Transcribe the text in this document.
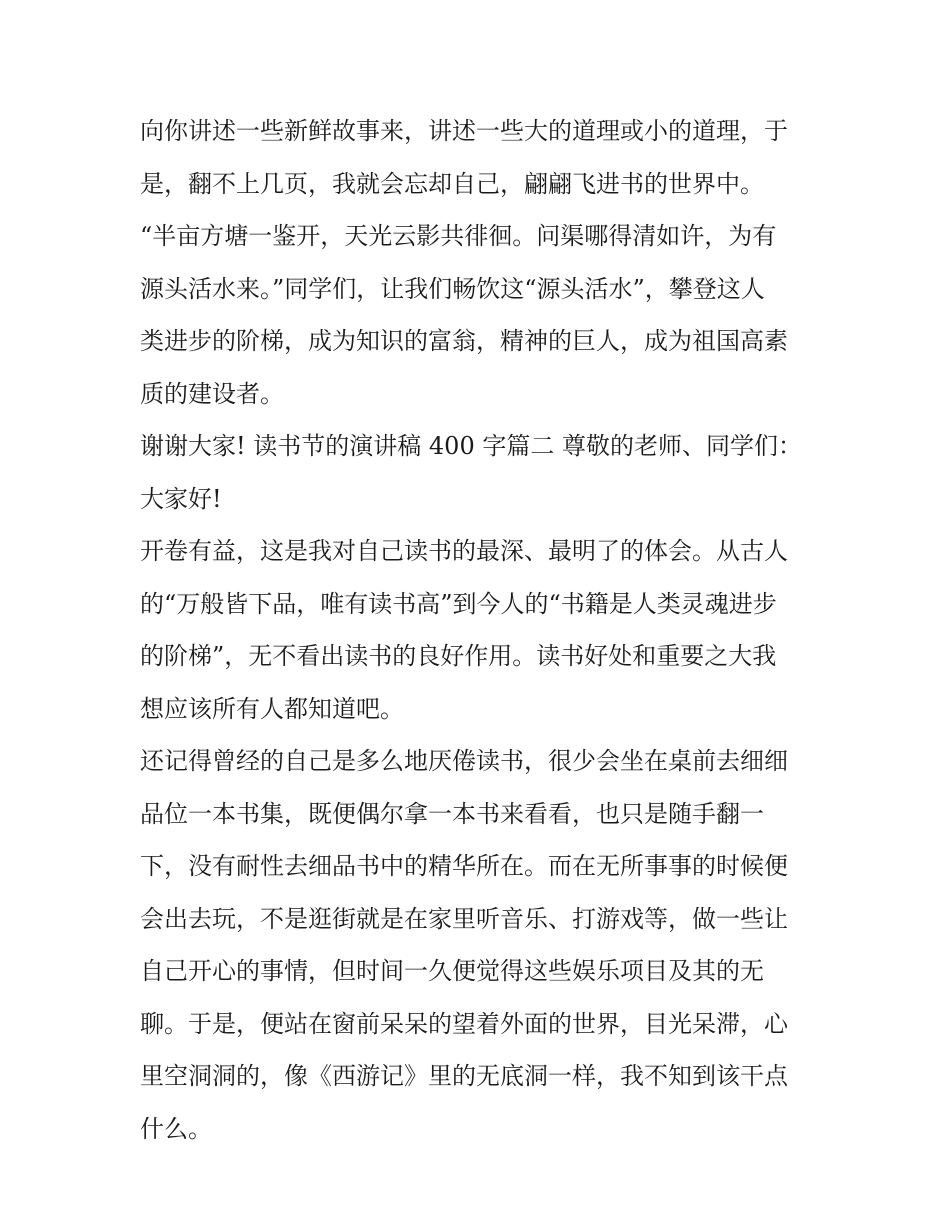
向你讲述一些新鲜故事来，讲述一些大的道理或小的道理，于
是，翻不上几页，我就会忘却自己，翩翩飞进书的世界中。
“半亩方塘一鉴开，天光云影共徘徊。问渠哪得清如许，为有
源头活水来。”同学们，让我们畅饮这“源头活水”，攀登这人
类进步的阶梯，成为知识的富翁，精神的巨人，成为祖国高素
质的建设者。
谢谢大家! 读书节的演讲稿 400 字篇二 尊敬的老师、同学们：
大家好!
开卷有益，这是我对自己读书的最深、最明了的体会。从古人
的“万般皆下品，唯有读书高”到今人的“书籍是人类灵魂进步
的阶梯”，无不看出读书的良好作用。读书好处和重要之大我
想应该所有人都知道吧。
还记得曾经的自己是多么地厌倦读书，很少会坐在桌前去细细
品位一本书集，既便偶尔拿一本书来看看，也只是随手翻一
下，没有耐性去细品书中的精华所在。而在无所事事的时候便
会出去玩，不是逛街就是在家里听音乐、打游戏等，做一些让
自己开心的事情，但时间一久便觉得这些娱乐项目及其的无
聊。于是，便站在窗前呆呆的望着外面的世界，目光呆滞，心
里空洞洞的，像《西游记》里的无底洞一样，我不知到该干点
什么。
